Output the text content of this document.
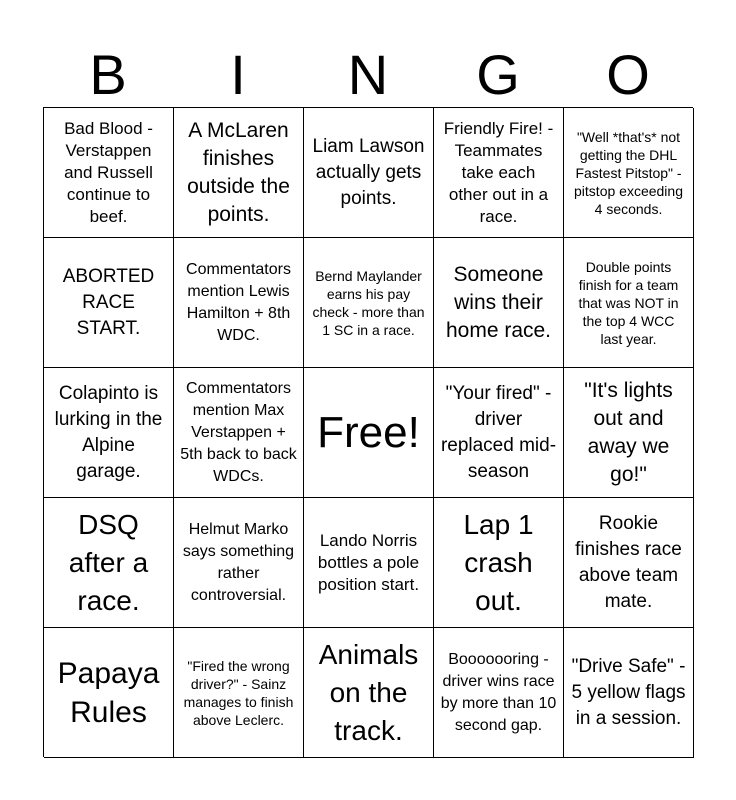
B	I	N	G	O
Bad Blood - Verstappen and Russell continue to beef.
A McLaren finishes outside the points.
Liam Lawson actually gets points.
Friendly Fire! - Teammates take each other out in a race.
"Well *that's* not getting the DHL Fastest Pitstop" - pitstop exceeding 4 seconds.
ABORTED RACE START.
Commentators mention Lewis Hamilton + 8th WDC.
Bernd Maylander earns his pay check - more than 1 SC in a race.
Someone wins their home race.
Double points finish for a team that was NOT in the top 4 WCC last year.
Colapinto is lurking in the Alpine garage.
Commentators mention Max Verstappen + 5th back to back WDCs.
Free!
"Your fired" - driver replaced mid-season
"It's lights out and away we go!"
DSQ after a race.
Helmut Marko says something rather controversial.
Lando Norris bottles a pole position start.
Lap 1 crash out.
Rookie finishes race above team mate.
Papaya Rules
"Fired the wrong driver?" - Sainz manages to finish above Leclerc.
Animals on the track.
Booooooring - driver wins race by more than 10 second gap.
"Drive Safe" - 5 yellow flags in a session.
